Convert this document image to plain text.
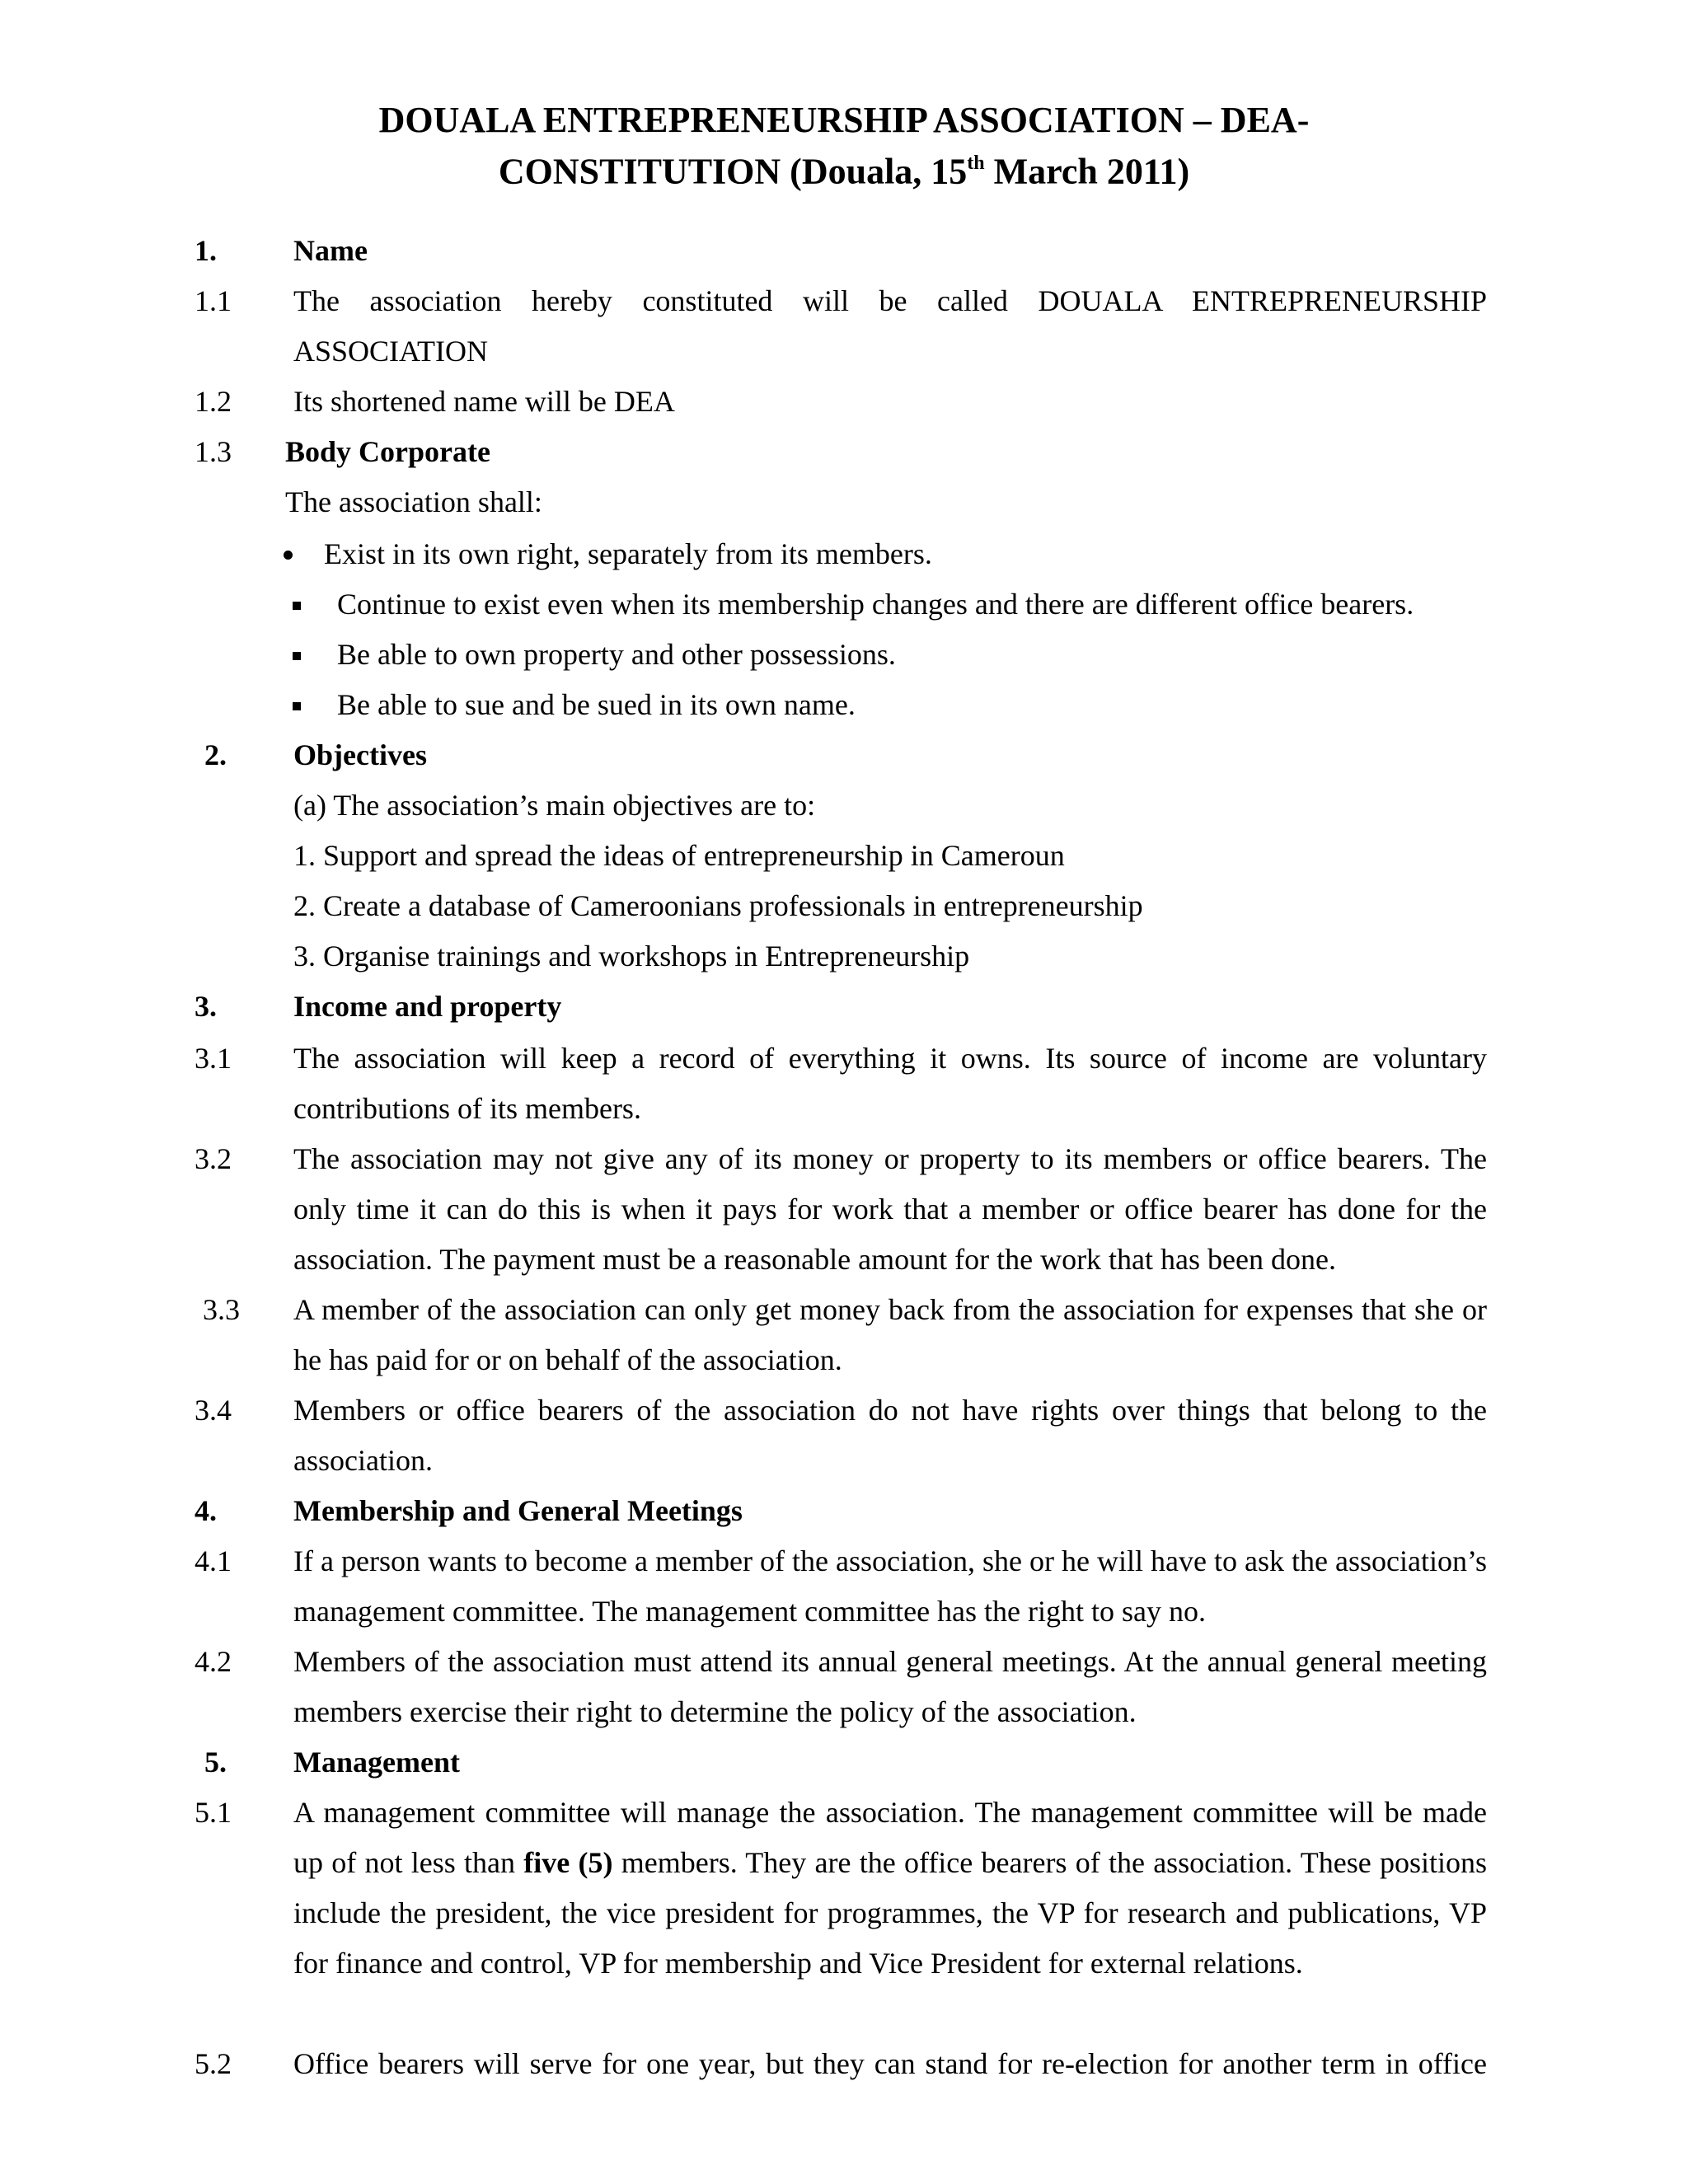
DOUALA ENTREPRENEURSHIP ASSOCIATION – DEA-
CONSTITUTION (Douala, 15th March 2011)
1.	Name
1.1	The association hereby constituted will be called DOUALA ENTREPRENEURSHIP
ASSOCIATION
1.2	Its shortened name will be DEA
1.3	Body Corporate
The association shall:
Exist in its own right, separately from its members.
Continue to exist even when its membership changes and there are different office bearers.
Be able to own property and other possessions.
Be able to sue and be sued in its own name.
2.	Objectives
(a) The association’s main objectives are to:
1. Support and spread the ideas of entrepreneurship in Cameroun
2. Create a database of Cameroonians professionals in entrepreneurship
3. Organise trainings and workshops in Entrepreneurship
3.	Income and property
3.1	The association will keep a record of everything it owns. Its source of income are voluntary contributions of its members.
3.2	The association may not give any of its money or property to its members or office bearers. The only time it can do this is when it pays for work that a member or office bearer has done for the association. The payment must be a reasonable amount for the work that has been done.
3.3	A member of the association can only get money back from the association for expenses that she or he has paid for or on behalf of the association.
3.4	Members or office bearers of the association do not have rights over things that belong to the association.
4.	Membership and General Meetings
4.1	If a person wants to become a member of the association, she or he will have to ask the association’s management committee. The management committee has the right to say no.
4.2	Members of the association must attend its annual general meetings. At the annual general meeting members exercise their right to determine the policy of the association.
5.	Management
5.1	A management committee will manage the association. The management committee will be made up of not less than five (5) members. They are the office bearers of the association. These positions include the president, the vice president for programmes, the VP for research and publications, VP for finance and control, VP for membership and Vice President for external relations.
5.2	Office bearers will serve for one year, but they can stand for re-election for another term in office
